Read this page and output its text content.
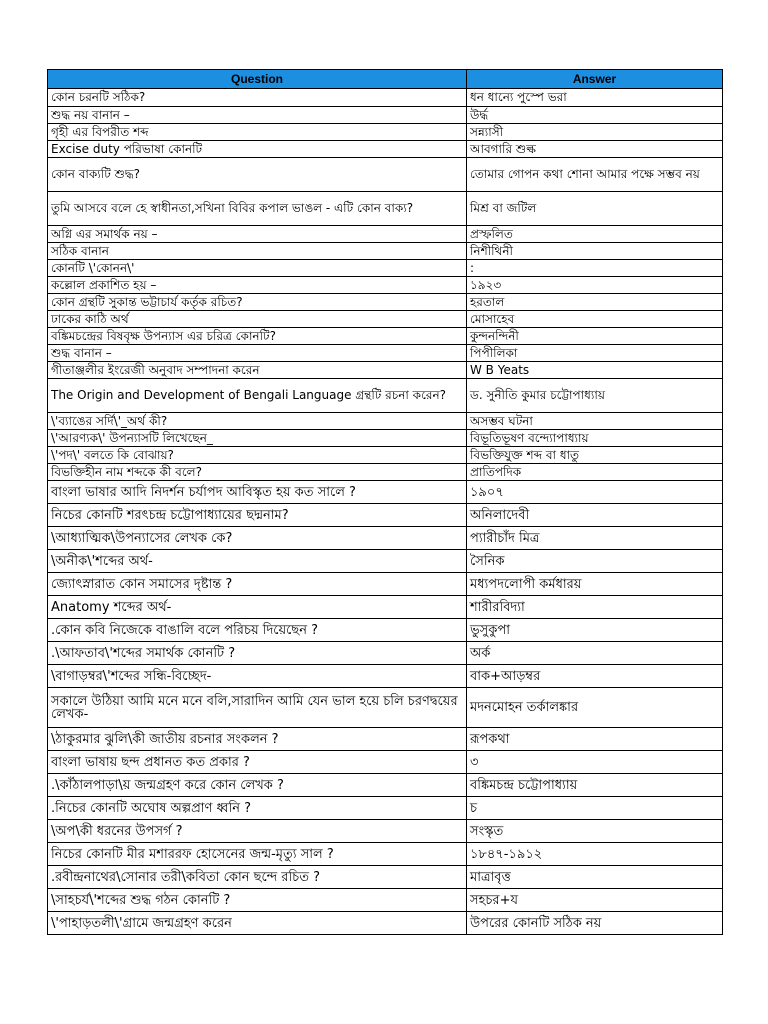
Question	Answer
কোন চরনটি সঠিক?	ধন ধান্যে পুস্পে ভরা
শুদ্ধ নয় বানান –	উর্দ্ধ
গৃহী এর বিপরীত শব্দ	সন্ন্যাসী
Excise duty পরিভাষা কোনটি	আবগারি শুল্ক
কোন বাক্যটি শুদ্ধ?	তোমার গোপন কথা শোনা আমার পক্ষে সম্ভব নয়
তুমি আসবে বলে হে স্বাধীনতা,সখিনা বিবির কপাল ভাঙল - এটি কোন বাক্য?	মিশ্র বা জটিল
অগ্নি এর সমার্থক নয় –	প্রস্ফলিত
সঠিক বানান	নিশীথিনী
কোনটি \'কোনন\'	:
কল্লোল প্রকাশিত হয় –	১৯২৩
কোন গ্রন্থটি সুকান্ত ভট্টাচার্য কর্তৃক রচিত?	হরতাল
ঢাকের কাঠি অর্থ	মোসাহেব
বঙ্কিমচন্দ্রের বিষবৃক্ষ উপন্যাস এর চরিত্র কোনটি?	কুন্দনন্দিনী
শুদ্ধ বানান –	পিপীলিকা
গীতাঞ্জলীর ইংরেজী অনুবাদ সম্পাদনা করেন	W B Yeats
The Origin and Development of Bengali Language গ্রন্থটি রচনা করেন?	ড. সুনীতি কুমার চট্টোপাধ্যায়
\'ব্যাঙের সর্দি\'_অর্থ কী?	অসম্ভব ঘটনা
\'আরণ্যক\' উপন্যাসটি লিখেছেন_	বিভূতিভূষণ বন্দ্যোপাধ্যায়
\'পদ\' বলতে কি বোঝায়?	বিভক্তিযুক্ত শব্দ বা ধাতু
বিভক্তিহীন নাম শব্দকে কী বলে?	প্রাতিপদিক
বাংলা ভাষার আদি নিদর্শন চর্যাপদ আবিস্কৃত হয় কত সালে ?	১৯০৭
নিচের কোনটি শরৎচন্দ্র চট্টোপাধ্যায়ের ছদ্মনাম?	অনিলাদেবী
\আধ্যাত্মিক\উপন্যাসের লেখক কে?	প্যারীচাঁদ মিত্র
\অনীক\'শব্দের অর্থ-	সৈনিক
জ্যোৎস্নারাত কোন সমাসের দৃষ্টান্ত ?	মধ্যপদলোপী কর্মধারয়
Anatomy শব্দের অর্থ-	শারীরবিদ্যা
.কোন কবি নিজেকে বাঙালি বলে পরিচয় দিয়েছেন ?	ভুসুকুপা
.\আফতাব\'শব্দের সমার্থক কোনটি ?	অর্ক
\বাগাড়ম্বর\'শব্দের সন্ধি-বিচ্ছেদ-	বাক+আড়ম্বর
সকালে উঠিয়া আমি মনে মনে বলি,সারাদিন আমি যেন ভাল হয়ে চলি চরণদ্বয়ের লেখক-	মদনমোহন তর্কালঙ্কার
\ঠাকুরমার ঝুলি\কী জাতীয় রচনার সংকলন ?	রূপকথা
বাংলা ভাষায় ছন্দ প্রধানত কত প্রকার ?	৩
.\কাঁঠালপাড়া\য় জন্মগ্রহণ করে কোন লেখক ?	বঙ্কিমচন্দ্র চট্টোপাধ্যায়
.নিচের কোনটি অঘোষ অল্পপ্রাণ ধ্বনি ?	চ
\অপ\কী ধরনের উপসর্গ ?	সংস্কৃত
নিচের কোনটি মীর মশাররফ হোসেনের জন্ম-মৃত্যু সাল ?	১৮৪৭-১৯১২
.রবীন্দ্রনাথের\সোনার তরী\কবিতা কোন ছন্দে রচিত ?	মাত্রাবৃত্ত
\সাহচর্য\'শব্দের শুদ্ধ গঠন কোনটি ?	সহচর+য
\'পাহাড়তলী\'গ্রামে জন্মগ্রহণ করেন	উপরের কোনটি সঠিক নয়
